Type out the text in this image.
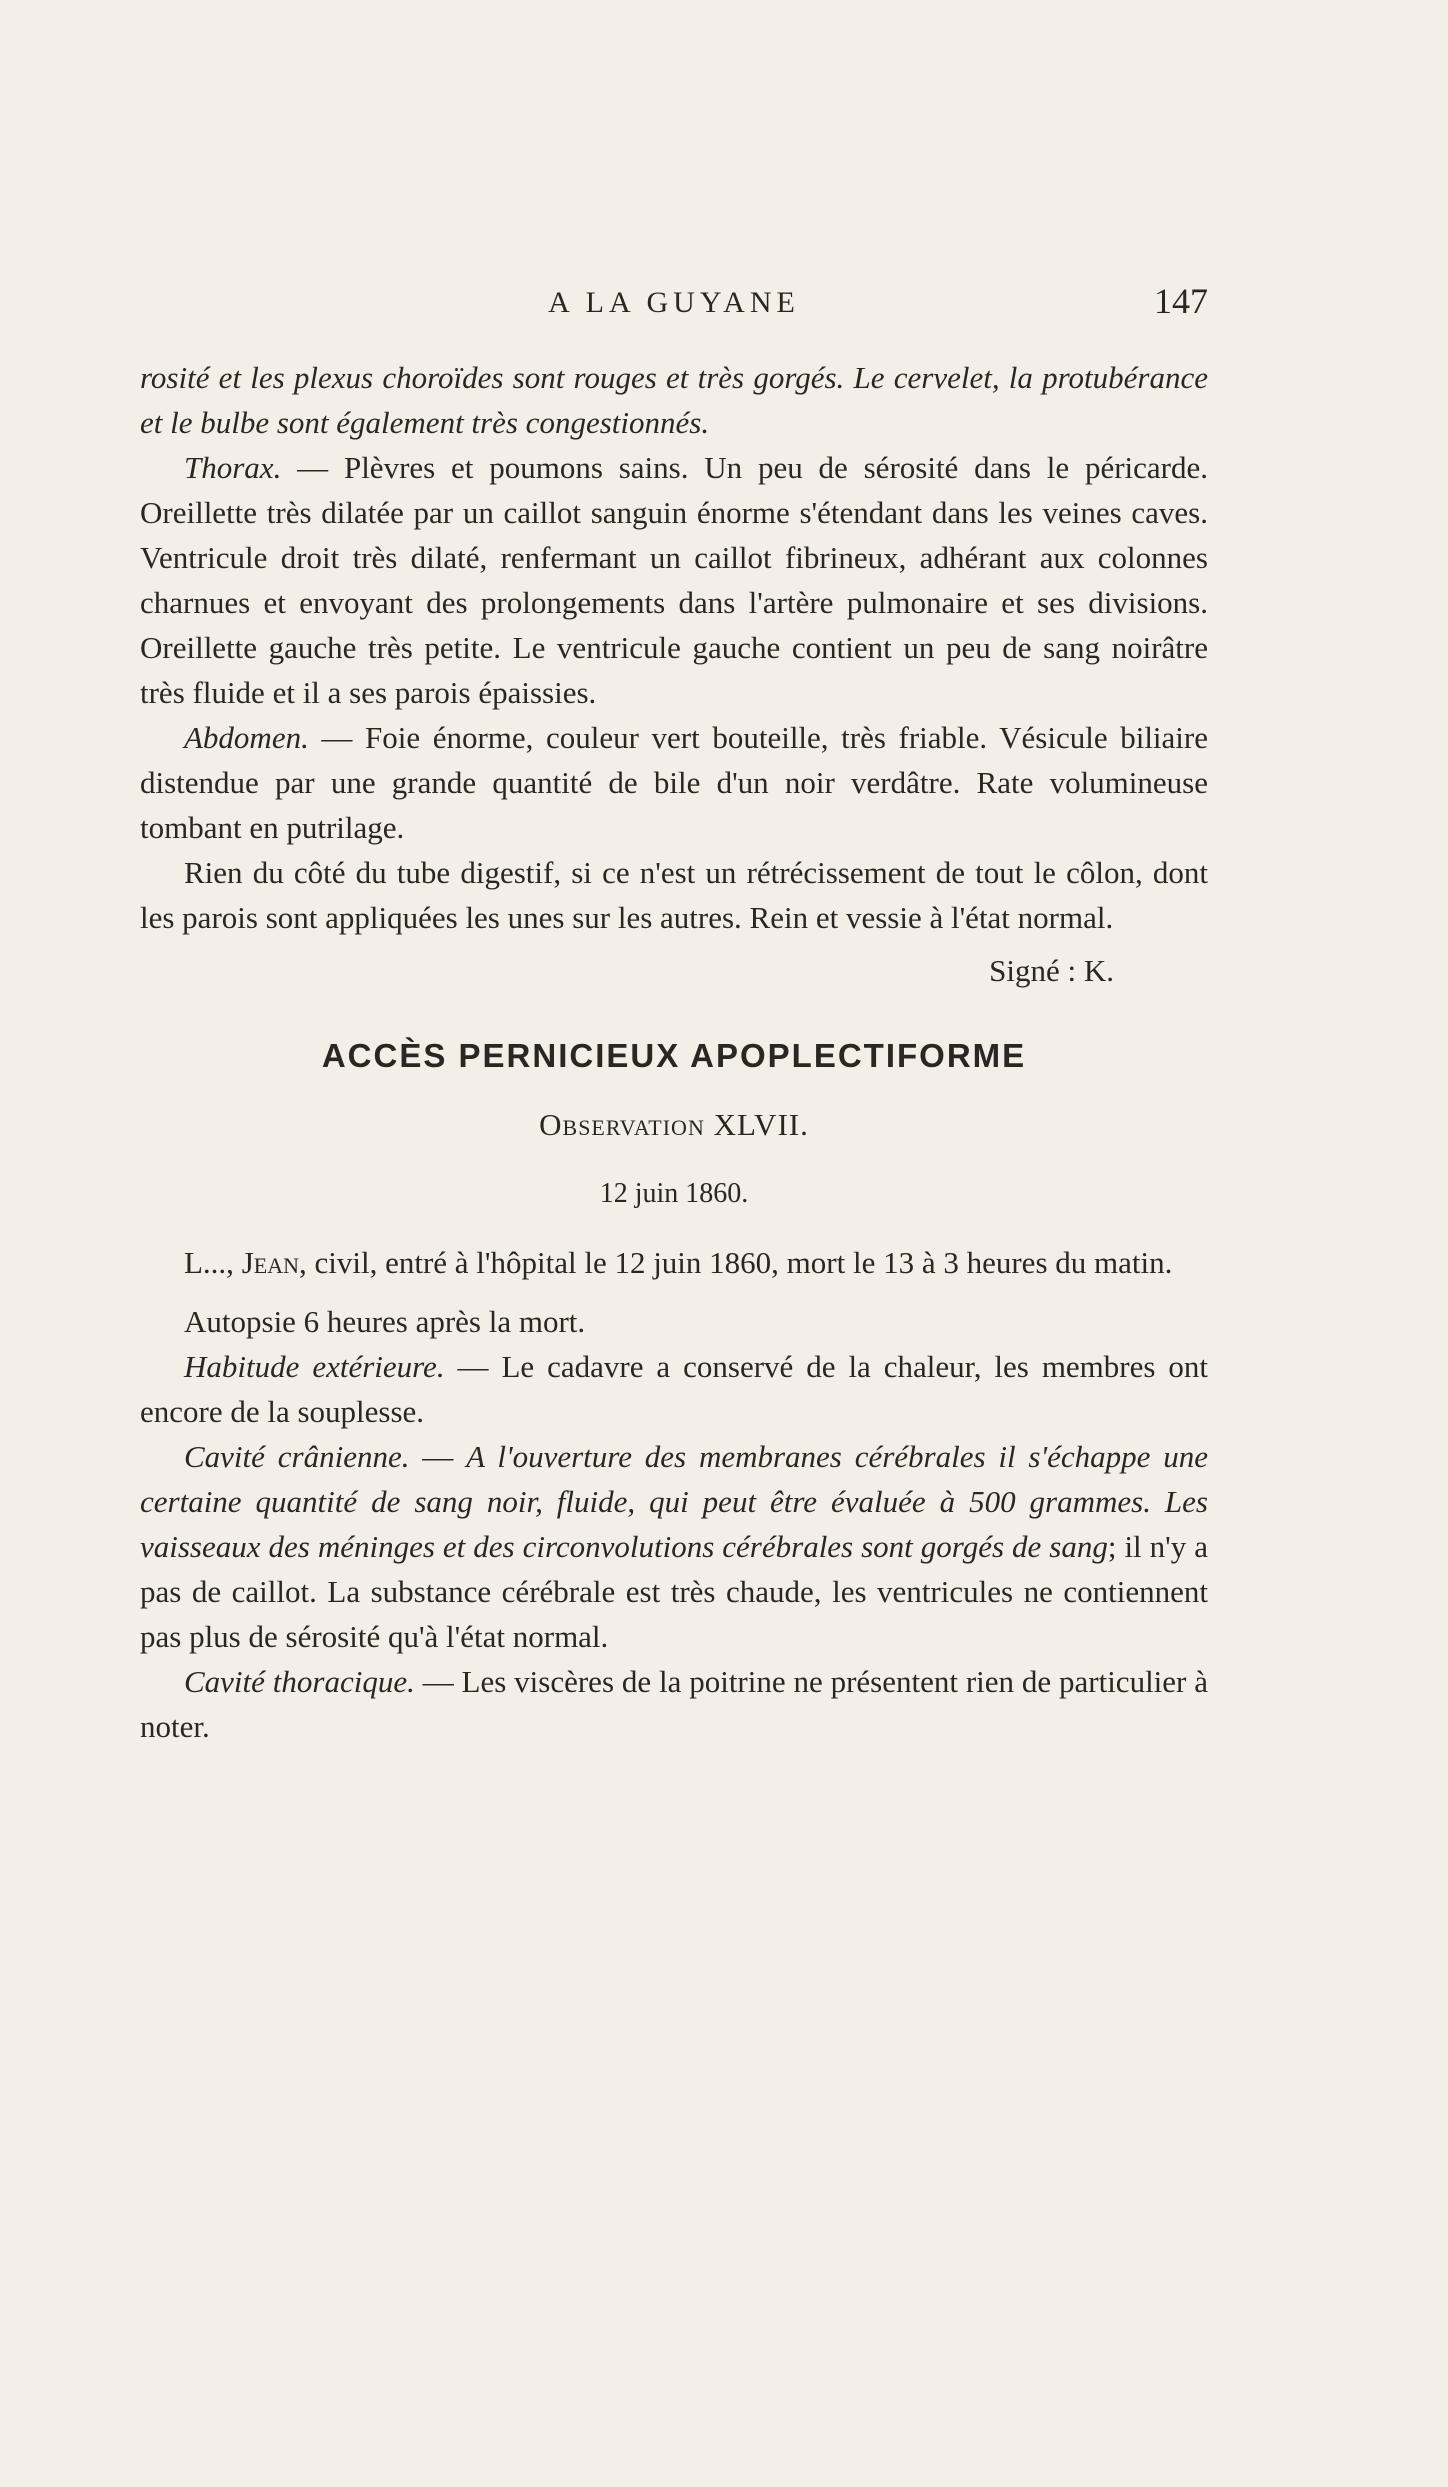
A LA GUYANE	147

rosité et les plexus choroïdes sont rouges et très gorgés. Le cervelet, la protubérance et le bulbe sont également très congestionnés.

Thorax. — Plèvres et poumons sains. Un peu de sérosité dans le péricarde. Oreillette très dilatée par un caillot sanguin énorme s'étendant dans les veines caves. Ventricule droit très dilaté, renfermant un caillot fibrineux, adhérant aux colonnes charnues et envoyant des prolongements dans l'artère pulmonaire et ses divisions. Oreillette gauche très petite. Le ventricule gauche contient un peu de sang noirâtre très fluide et il a ses parois épaissies.

Abdomen. — Foie énorme, couleur vert bouteille, très friable. Vésicule biliaire distendue par une grande quantité de bile d'un noir verdâtre. Rate volumineuse tombant en putrilage.

Rien du côté du tube digestif, si ce n'est un rétrécissement de tout le côlon, dont les parois sont appliquées les unes sur les autres. Rein et vessie à l'état normal.

Signé : K.

ACCÈS PERNICIEUX APOPLECTIFORME

Observation XLVII.

12 juin 1860.

L..., Jean, civil, entré à l'hôpital le 12 juin 1860, mort le 13 à 3 heures du matin.

Autopsie 6 heures après la mort.

Habitude extérieure. — Le cadavre a conservé de la chaleur, les membres ont encore de la souplesse.

Cavité crânienne. — A l'ouverture des membranes cérébrales il s'échappe une certaine quantité de sang noir, fluide, qui peut être évaluée à 500 grammes. Les vaisseaux des méninges et des circonvolutions cérébrales sont gorgés de sang; il n'y a pas de caillot. La substance cérébrale est très chaude, les ventricules ne contiennent pas plus de sérosité qu'à l'état normal.

Cavité thoracique. — Les viscères de la poitrine ne présentent rien de particulier à noter.
